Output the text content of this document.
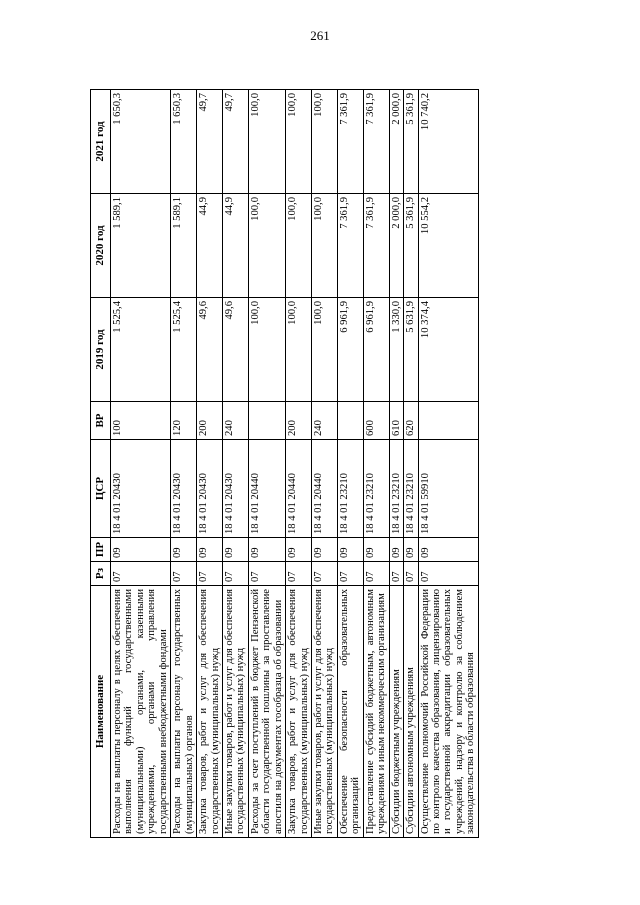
261
Наименование	Рз	ПР	ЦСР	ВР	2019 год	2020 год	2021 год
Расходы на выплаты персоналу в целях обеспечения выполнения функций государственными (муниципальными) органами, казенными учреждениями, органами управления государственными внебюджетными фондами	07	09	18 4 01 20430	100	1 525,4	1 589,1	1 650,3
Расходы на выплаты персоналу государственных (муниципальных) органов	07	09	18 4 01 20430	120	1 525,4	1 589,1	1 650,3
Закупка товаров, работ и услуг для обеспечения государственных (муниципальных) нужд	07	09	18 4 01 20430	200	49,6	44,9	49,7
Иные закупки товаров, работ и услуг для обеспечения государственных (муниципальных) нужд	07	09	18 4 01 20430	240	49,6	44,9	49,7
Расходы за счет поступлений в бюджет Пензенской области государственной пошлины за проставление апостиля на документах гособразца об образовании	07	09	18 4 01 20440		100,0	100,0	100,0
Закупка товаров, работ и услуг для обеспечения государственных (муниципальных) нужд	07	09	18 4 01 20440	200	100,0	100,0	100,0
Иные закупки товаров, работ и услуг для обеспечения государственных (муниципальных) нужд	07	09	18 4 01 20440	240	100,0	100,0	100,0
Обеспечение безопасности образовательных организаций	07	09	18 4 01 23210		6 961,9	7 361,9	7 361,9
Предоставление субсидий бюджетным, автономным учреждениям и иным некоммерческим организациям	07	09	18 4 01 23210	600	6 961,9	7 361,9	7 361,9
Субсидии бюджетным учреждениям	07	09	18 4 01 23210	610	1 330,0	2 000,0	2 000,0
Субсидии автономным учреждениям	07	09	18 4 01 23210	620	5 631,9	5 361,9	5 361,9
Осуществление полномочий Российской Федерации по контролю качества образования, лицензированию и государственной аккредитации образовательных учреждений, надзору и контролю за соблюдением законодательства в области образования	07	09	18 4 01 59910		10 374,4	10 554,2	10 740,2
